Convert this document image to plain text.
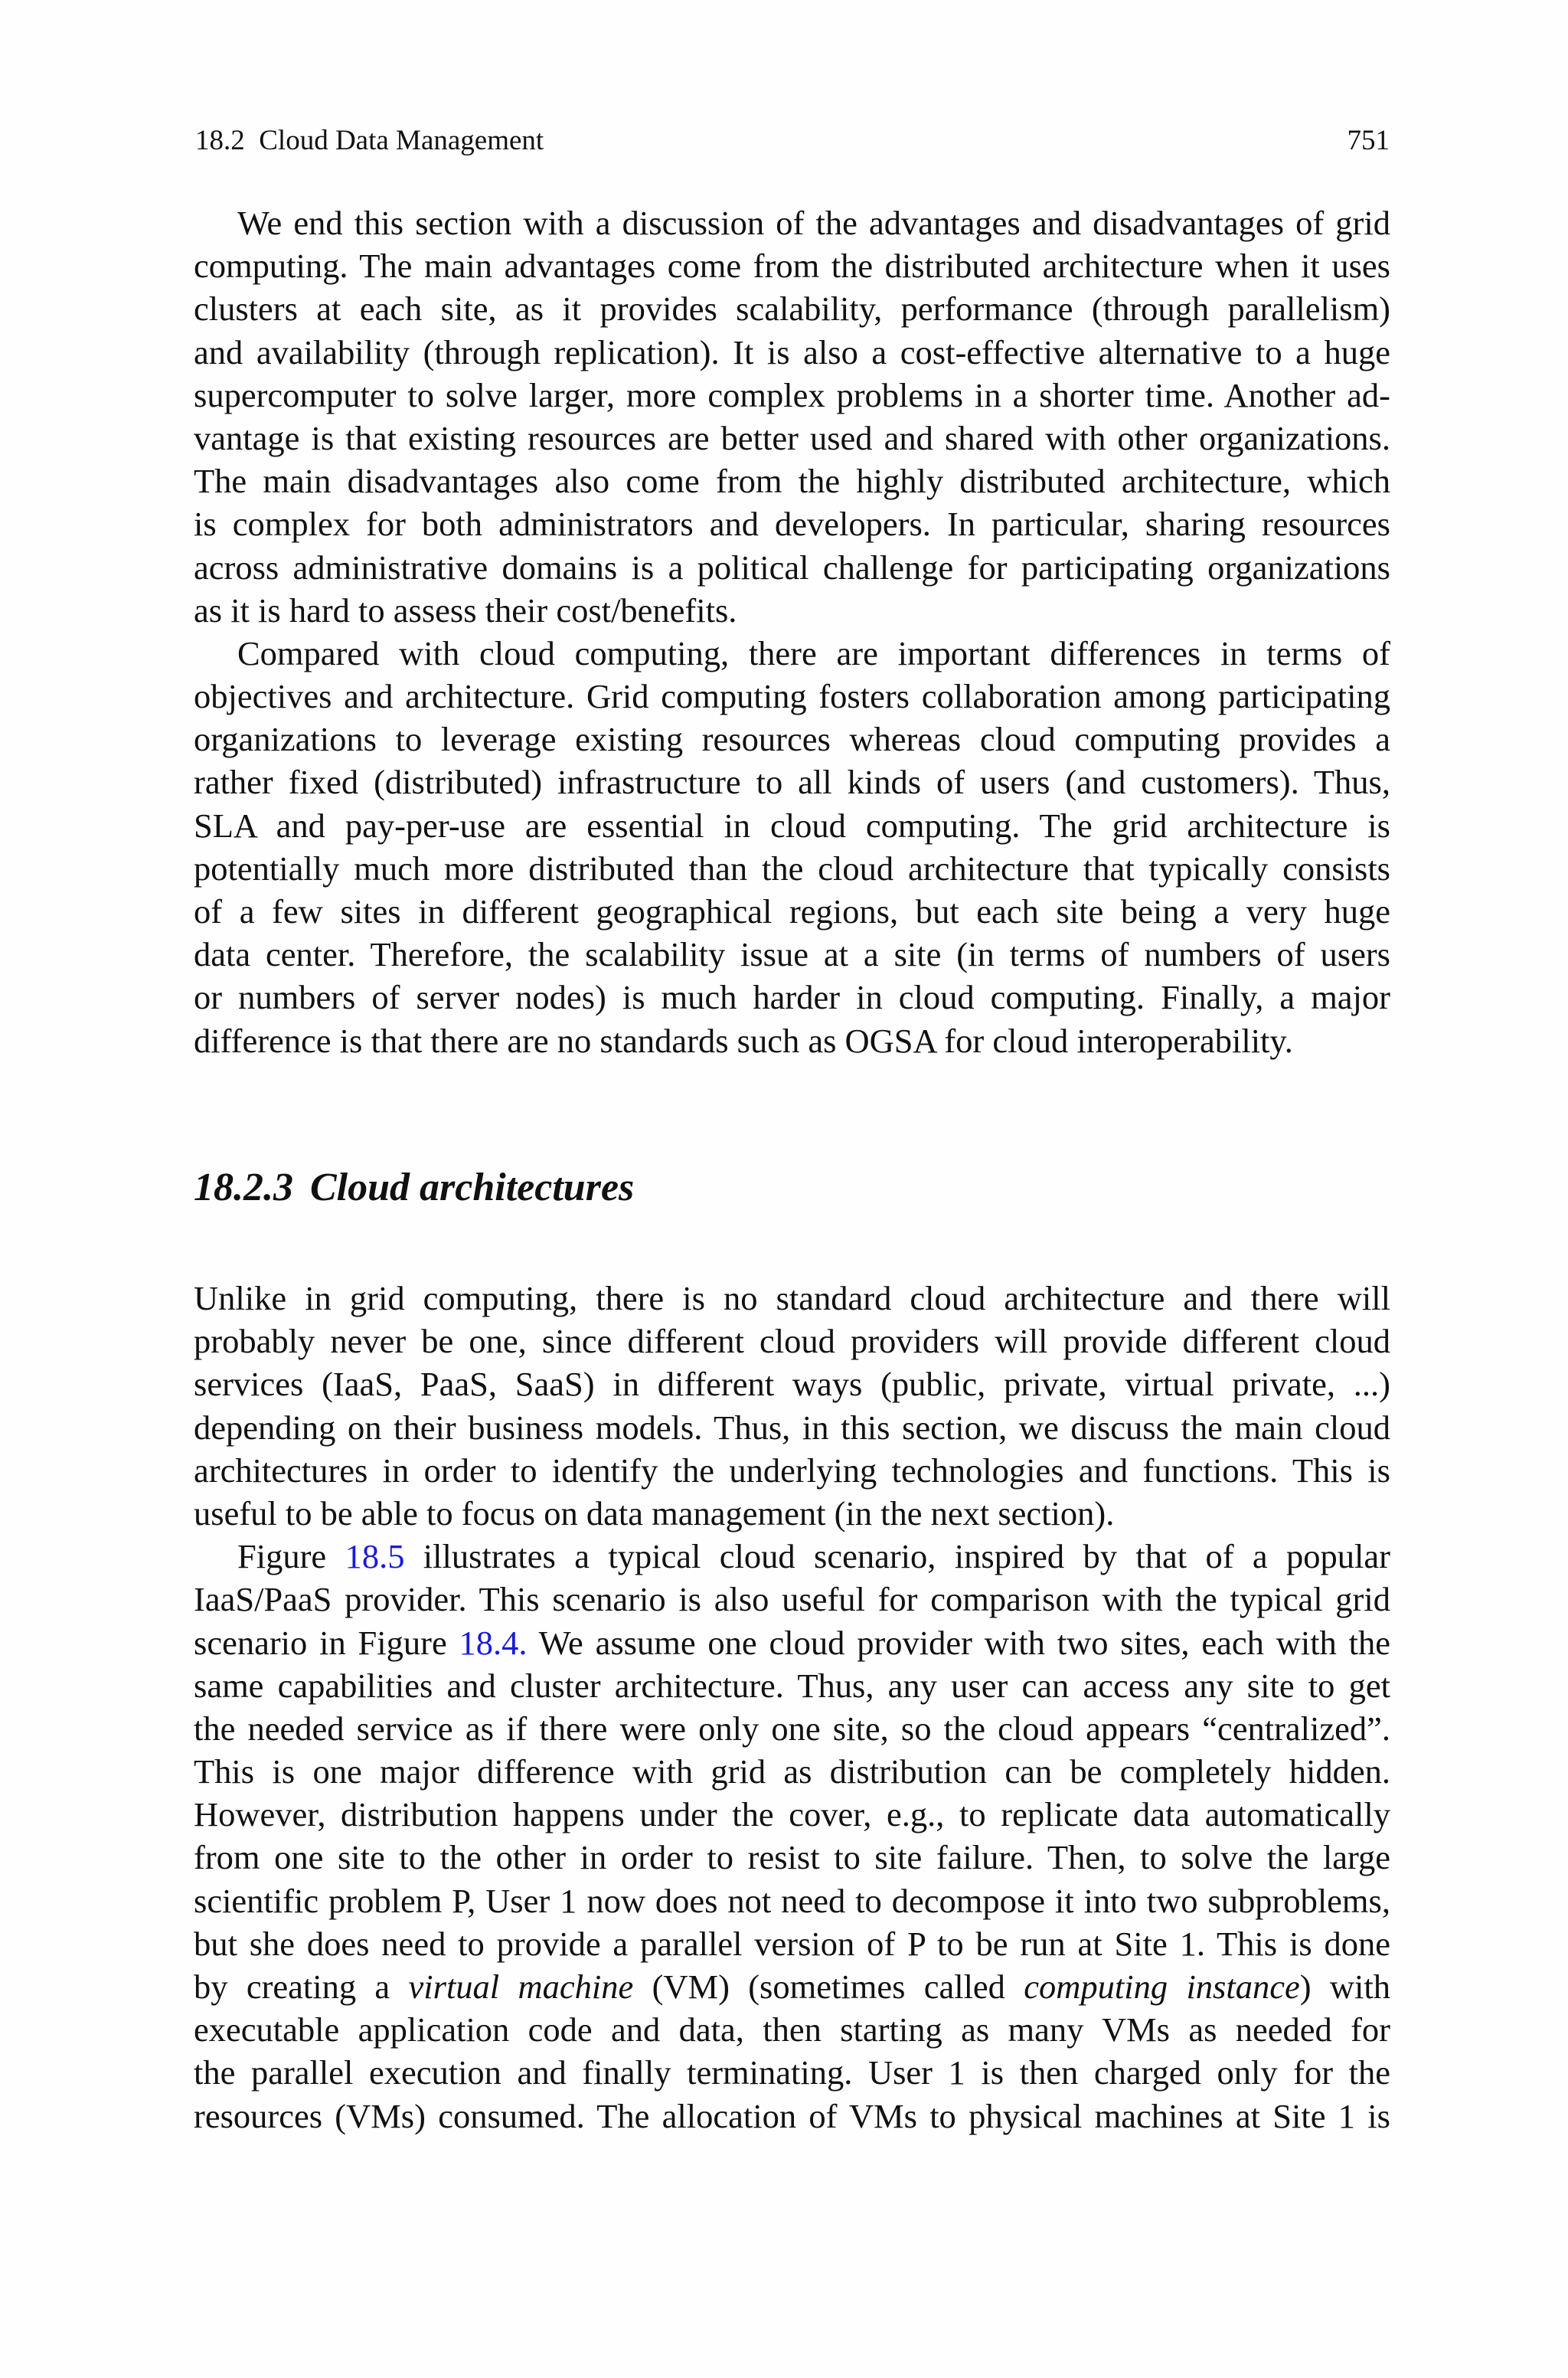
18.2  Cloud Data Management	751
We end this section with a discussion of the advantages and disadvantages of grid
computing. The main advantages come from the distributed architecture when it uses
clusters at each site, as it provides scalability, performance (through parallelism)
and availability (through replication). It is also a cost-effective alternative to a huge
supercomputer to solve larger, more complex problems in a shorter time. Another ad-
vantage is that existing resources are better used and shared with other organizations.
The main disadvantages also come from the highly distributed architecture, which
is complex for both administrators and developers. In particular, sharing resources
across administrative domains is a political challenge for participating organizations
as it is hard to assess their cost/benefits.
Compared with cloud computing, there are important differences in terms of
objectives and architecture. Grid computing fosters collaboration among participating
organizations to leverage existing resources whereas cloud computing provides a
rather fixed (distributed) infrastructure to all kinds of users (and customers). Thus,
SLA and pay-per-use are essential in cloud computing. The grid architecture is
potentially much more distributed than the cloud architecture that typically consists
of a few sites in different geographical regions, but each site being a very huge
data center. Therefore, the scalability issue at a site (in terms of numbers of users
or numbers of server nodes) is much harder in cloud computing. Finally, a major
difference is that there are no standards such as OGSA for cloud interoperability.
18.2.3 Cloud architectures
Unlike in grid computing, there is no standard cloud architecture and there will
probably never be one, since different cloud providers will provide different cloud
services (IaaS, PaaS, SaaS) in different ways (public, private, virtual private, ...)
depending on their business models. Thus, in this section, we discuss the main cloud
architectures in order to identify the underlying technologies and functions. This is
useful to be able to focus on data management (in the next section).
Figure 18.5 illustrates a typical cloud scenario, inspired by that of a popular
IaaS/PaaS provider. This scenario is also useful for comparison with the typical grid
scenario in Figure 18.4. We assume one cloud provider with two sites, each with the
same capabilities and cluster architecture. Thus, any user can access any site to get
the needed service as if there were only one site, so the cloud appears “centralized”.
This is one major difference with grid as distribution can be completely hidden.
However, distribution happens under the cover, e.g., to replicate data automatically
from one site to the other in order to resist to site failure. Then, to solve the large
scientific problem P, User 1 now does not need to decompose it into two subproblems,
but she does need to provide a parallel version of P to be run at Site 1. This is done
by creating a virtual machine (VM) (sometimes called computing instance) with
executable application code and data, then starting as many VMs as needed for
the parallel execution and finally terminating. User 1 is then charged only for the
resources (VMs) consumed. The allocation of VMs to physical machines at Site 1 is
